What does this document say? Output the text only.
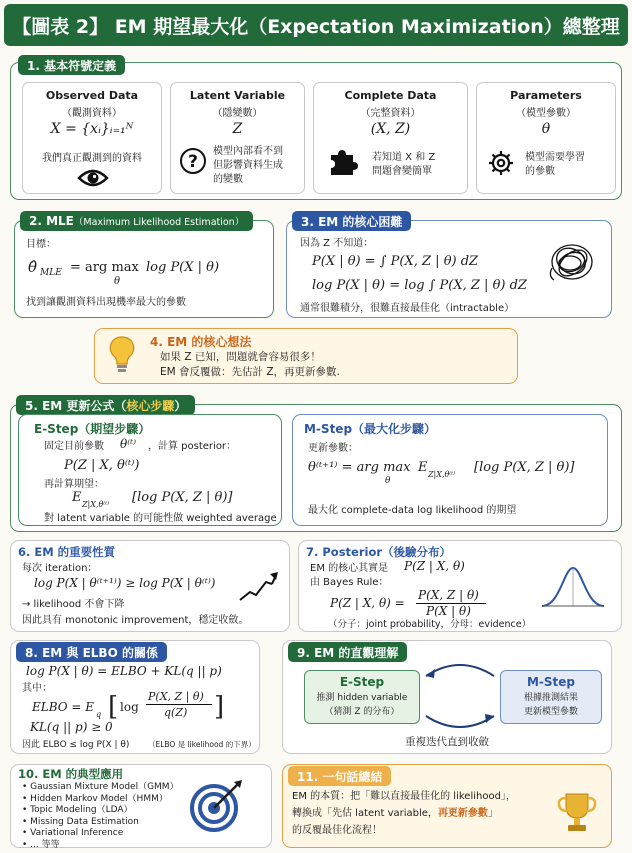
【圖表 2】 EM 期望最大化（Expectation Maximization）總整理
1. 基本符號定義
Observed Data
（觀測資料）
X = {xᵢ}ᵢ₌₁ᴺ
我們真正觀測到的資料
Latent Variable
（隱變數）
Z
?
模型內部看不到
但影響資料生成
的變數
Complete Data
（完整資料）
(X, Z)
若知道 X 和 Z
問題會變簡單
Parameters
（模型參數）
θ
模型需要學習
的參數
2. MLE （Maximum Likelihood Estimation）
目標：
θ̂ MLE = arg max
θ
log P(X | θ)
找到讓觀測資料出現機率最大的參數
3. EM 的核心困難
因為 Z 不知道：
P(X | θ) = ∫ P(X, Z | θ) dZ
log P(X | θ) = log ∫ P(X, Z | θ) dZ
通常很難積分，很難直接最佳化（intractable）
4. EM 的核心想法
如果 Z 已知，問題就會容易很多！
EM 會反覆做：先估計 Z，再更新參數.
5. EM 更新公式（ 核心步驟 ）
E-Step（期望步驟）
固定目前參數 θ⁽ᵗ⁾ ，計算 posterior：
P(Z | X, θ⁽ᵗ⁾)
再計算期望：
E Z|X,θ⁽ᵗ⁾ [log P(X, Z | θ)]
對 latent variable 的可能性做 weighted average
M-Step（最大化步驟）
更新參數：
θ⁽ᵗ⁺¹⁾ = arg max
θ
E Z|X,θ⁽ᵗ⁾ [log P(X, Z | θ)]
最大化 complete-data log likelihood 的期望
6. EM 的重要性質
每次 iteration：
log P(X | θ⁽ᵗ⁺¹⁾) ≥ log P(X | θ⁽ᵗ⁾)
→ likelihood 不會下降
因此具有 monotonic improvement，穩定收斂。
7. Posterior（後驗分布）
EM 的核心其實是 P(Z | X, θ)
由 Bayes Rule：
P(Z | X, θ) =
P(X, Z | θ)
P(X | θ)
（分子：joint probability，分母：evidence）
8. EM 與 ELBO 的關係
log P(X | θ) = ELBO + KL(q || p)
其中：
ELBO = E
q [ log
P(X, Z | θ)
q(Z) ]
KL(q || p) ≥ 0
因此 ELBO ≤ log P(X | θ) （ELBO 是 likelihood 的下界）
9. EM 的直觀理解
E-Step
推測 hidden variable
（猜測 Z 的分布）
M-Step
根據推測結果
更新模型參數
重複迭代直到收斂
10. EM 的典型應用
• Gaussian Mixture Model（GMM）
• Hidden Markov Model（HMM）
• Topic Modeling（LDA）
• Missing Data Estimation
• Variational Inference
• ... 等等
11. 一句話總結
EM 的本質：把「難以直接最佳化的 likelihood」，
轉換成「先估 latent variable，再更新參數」
的反覆最佳化流程！
